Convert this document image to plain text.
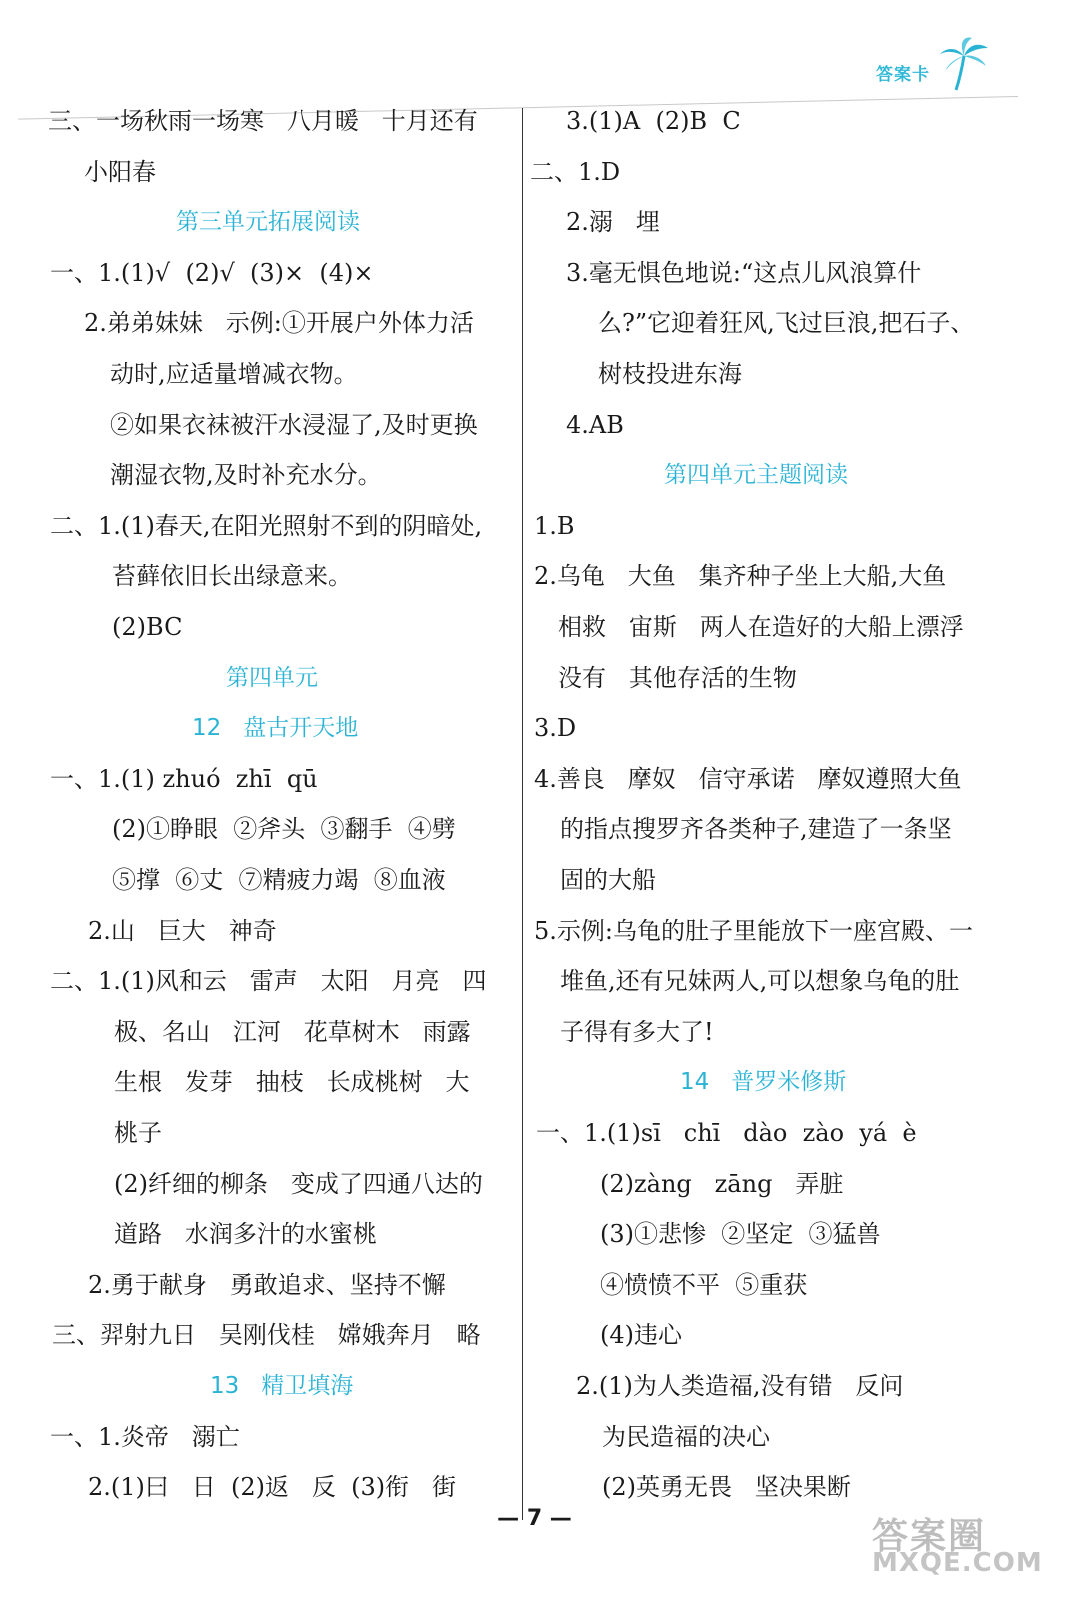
答案卡
三、一场秋雨一场寒   八月暖   十月还有
小阳春
第三单元拓展阅读
一、1.(1)√  (2)√  (3)×  (4)×
2.弟弟妹妹   示例:①开展户外体力活
动时,应适量增减衣物。
②如果衣袜被汗水浸湿了,及时更换
潮湿衣物,及时补充水分。
二、1.(1)春天,在阳光照射不到的阴暗处,
苔藓依旧长出绿意来。
(2)BC
第四单元
12   盘古开天地
一、1.(1) zhuó  zhī  qū
(2)①睁眼  ②斧头  ③翻手  ④劈
⑤撑  ⑥丈  ⑦精疲力竭  ⑧血液
2.山   巨大   神奇
二、1.(1)风和云   雷声   太阳   月亮   四
极、名山   江河   花草树木   雨露
生根   发芽   抽枝   长成桃树   大
桃子
(2)纤细的柳条   变成了四通八达的
道路   水润多汁的水蜜桃
2.勇于献身   勇敢追求、坚持不懈
三、羿射九日   吴刚伐桂   嫦娥奔月   略
13   精卫填海
一、1.炎帝   溺亡
2.(1)曰   日  (2)返   反  (3)衔   街
3.(1)A  (2)B  C
二、1.D
2.溺   埋
3.毫无惧色地说:“这点儿风浪算什
么?”它迎着狂风,飞过巨浪,把石子、
树枝投进东海
4.AB
第四单元主题阅读
1.B
2.乌龟   大鱼   集齐种子坐上大船,大鱼
相救   宙斯   两人在造好的大船上漂浮
没有   其他存活的生物
3.D
4.善良   摩奴   信守承诺   摩奴遵照大鱼
的指点搜罗齐各类种子,建造了一条坚
固的大船
5.示例:乌龟的肚子里能放下一座宫殿、一
堆鱼,还有兄妹两人,可以想象乌龟的肚
子得有多大了!
14   普罗米修斯
一、1.(1)sī   chī   dào  zào  yá  è
(2)zàng   zāng   弄脏
(3)①悲惨  ②坚定  ③猛兽
④愤愤不平  ⑤重获
(4)违心
2.(1)为人类造福,没有错   反问
为民造福的决心
(2)英勇无畏   坚决果断
— 7 —	答案圈
MXQE.COM
